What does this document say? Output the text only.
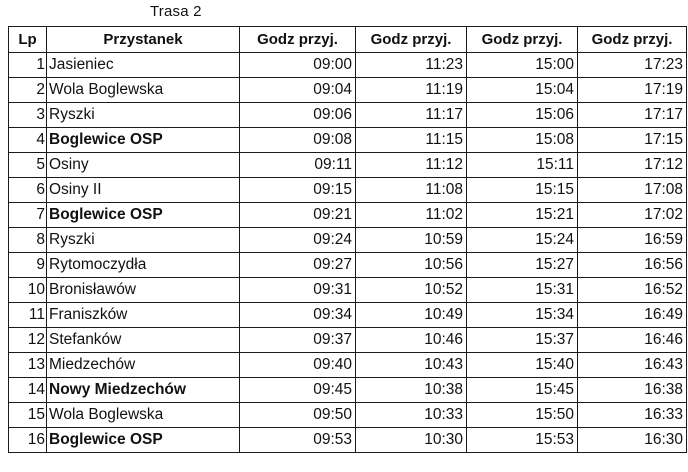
Trasa 2
Lp	Przystanek	Godz przyj.	Godz przyj.	Godz przyj.	Godz przyj.
1	Jasieniec	09:00	11:23	15:00	17:23
2	Wola Boglewska	09:04	11:19	15:04	17:19
3	Ryszki	09:06	11:17	15:06	17:17
4	Boglewice OSP	09:08	11:15	15:08	17:15
5	Osiny	09:11	11:12	15:11	17:12
6	Osiny II	09:15	11:08	15:15	17:08
7	Boglewice OSP	09:21	11:02	15:21	17:02
8	Ryszki	09:24	10:59	15:24	16:59
9	Rytomoczydła	09:27	10:56	15:27	16:56
10	Bronisławów	09:31	10:52	15:31	16:52
11	Franiszków	09:34	10:49	15:34	16:49
12	Stefanków	09:37	10:46	15:37	16:46
13	Miedzechów	09:40	10:43	15:40	16:43
14	Nowy Miedzechów	09:45	10:38	15:45	16:38
15	Wola Boglewska	09:50	10:33	15:50	16:33
16	Boglewice OSP	09:53	10:30	15:53	16:30
